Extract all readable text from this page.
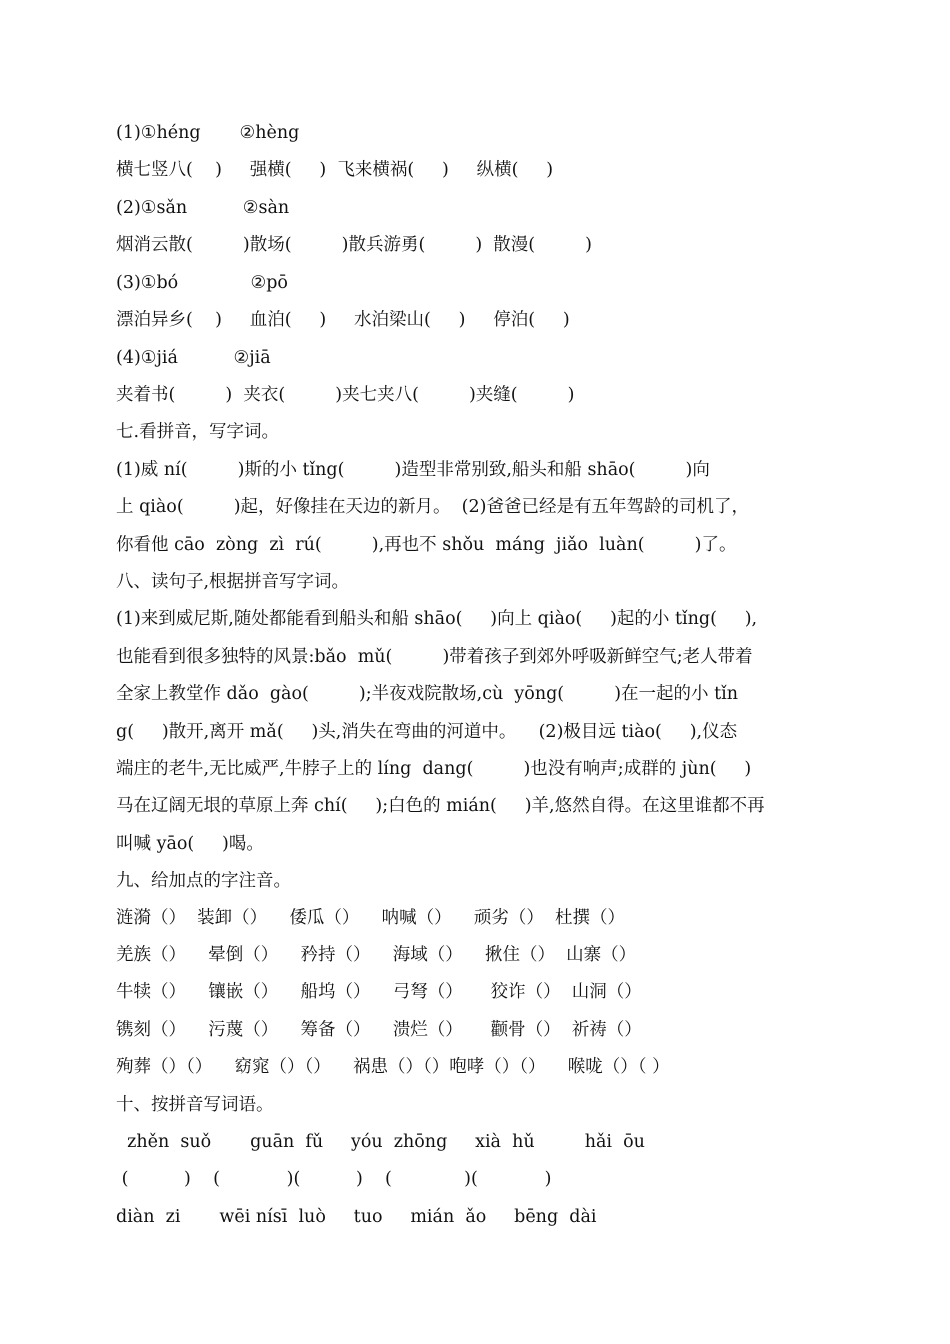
(1)①héng       ②hèng
横七竖八(    )     强横(     )  飞来横祸(     )     纵横(     )
(2)①sǎn          ②sàn
烟消云散(         )散场(         )散兵游勇(         )  散漫(         )
(3)①bó             ②pō
漂泊异乡(    )     血泊(     )     水泊梁山(     )     停泊(     )
(4)①jiá          ②jiā
夹着书(         )  夹衣(         )夹七夹八(         )夹缝(         )
七.看拼音，写字词。
(1)威 ní(         )斯的小 tǐng(         )造型非常别致,船头和船 shāo(         )向
上 qiào(         )起，好像挂在天边的新月。  (2)爸爸已经是有五年驾龄的司机了，
你看他 cāo  zòng  zì  rú(         ),再也不 shǒu  máng  jiǎo  luàn(         )了。
八、读句子,根据拼音写字词。
(1)来到威尼斯,随处都能看到船头和船 shāo(     )向上 qiào(     )起的小 tǐng(     ),
也能看到很多独特的风景:bǎo  mǔ(         )带着孩子到郊外呼吸新鲜空气;老人带着
全家上教堂作 dǎo  gào(         );半夜戏院散场,cù  yōng(         )在一起的小 tǐn
g(     )散开,离开 mǎ(     )头,消失在弯曲的河道中。    (2)极目远 tiào(     ),仪态
端庄的老牛,无比威严,牛脖子上的 líng  dang(         )也没有响声;成群的 jùn(     )
马在辽阔无垠的草原上奔 chí(     );白色的 mián(     )羊,悠然自得。在这里谁都不再
叫喊 yāo(     )喝。
九、给加点的字注音。
涟漪（）  装卸（）    倭瓜（）    呐喊（）    顽劣（）  杜撰（）
羌族（）    晕倒（）    矜持（）    海域（）    揪住（）  山寨（）
牛犊（）    镶嵌（）    船坞（）    弓弩（）     狡诈（）  山洞（）
镌刻（）    污蔑（）    筹备（）    溃烂（）     颧骨（）  祈祷（）
殉葬（）（）    窈窕（）（）    祸患（）（）咆哮（）（）    喉咙（）（ ）
十、按拼音写词语。
zhěn  suǒ       guān  fǔ     yóu  zhōng     xià  hǔ         hǎi  ōu
(          )    (            )(          )    (             )(            )
diàn  zi       wēi nísī  luò     tuo     mián  ǎo     bēng  dài
